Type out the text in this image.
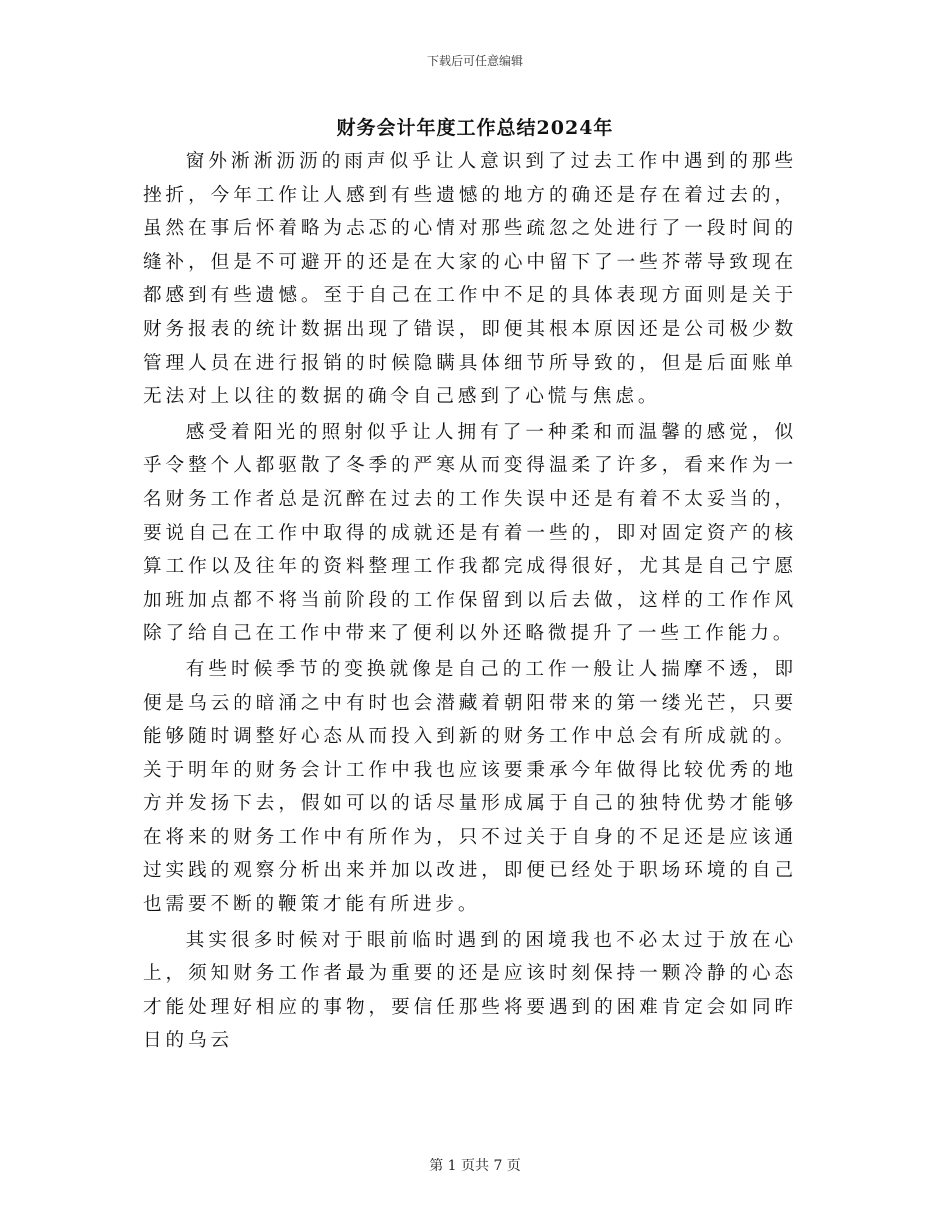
下载后可任意编辑
财务会计年度工作总结2024年

窗外淅淅沥沥的雨声似乎让人意识到了过去工作中遇到的那些挫折，今年工作让人感到有些遗憾的地方的确还是存在着过去的，虽然在事后怀着略为忐忑的心情对那些疏忽之处进行了一段时间的缝补，但是不可避开的还是在大家的心中留下了一些芥蒂导致现在都感到有些遗憾。至于自己在工作中不足的具体表现方面则是关于财务报表的统计数据出现了错误，即便其根本原因还是公司极少数管理人员在进行报销的时候隐瞒具体细节所导致的，但是后面账单无法对上以往的数据的确令自己感到了心慌与焦虑。

感受着阳光的照射似乎让人拥有了一种柔和而温馨的感觉，似乎令整个人都驱散了冬季的严寒从而变得温柔了许多，看来作为一名财务工作者总是沉醉在过去的工作失误中还是有着不太妥当的，要说自己在工作中取得的成就还是有着一些的，即对固定资产的核算工作以及往年的资料整理工作我都完成得很好，尤其是自己宁愿加班加点都不将当前阶段的工作保留到以后去做，这样的工作作风除了给自己在工作中带来了便利以外还略微提升了一些工作能力。

有些时候季节的变换就像是自己的工作一般让人揣摩不透，即便是乌云的暗涌之中有时也会潜藏着朝阳带来的第一缕光芒，只要能够随时调整好心态从而投入到新的财务工作中总会有所成就的。关于明年的财务会计工作中我也应该要秉承今年做得比较优秀的地方并发扬下去，假如可以的话尽量形成属于自己的独特优势才能够在将来的财务工作中有所作为，只不过关于自身的不足还是应该通过实践的观察分析出来并加以改进，即便已经处于职场环境的自己也需要不断的鞭策才能有所进步。

其实很多时候对于眼前临时遇到的困境我也不必太过于放在心上，须知财务工作者最为重要的还是应该时刻保持一颗冷静的心态才能处理好相应的事物，要信任那些将要遇到的困难肯定会如同昨日的乌云

第 1 页共 7 页
